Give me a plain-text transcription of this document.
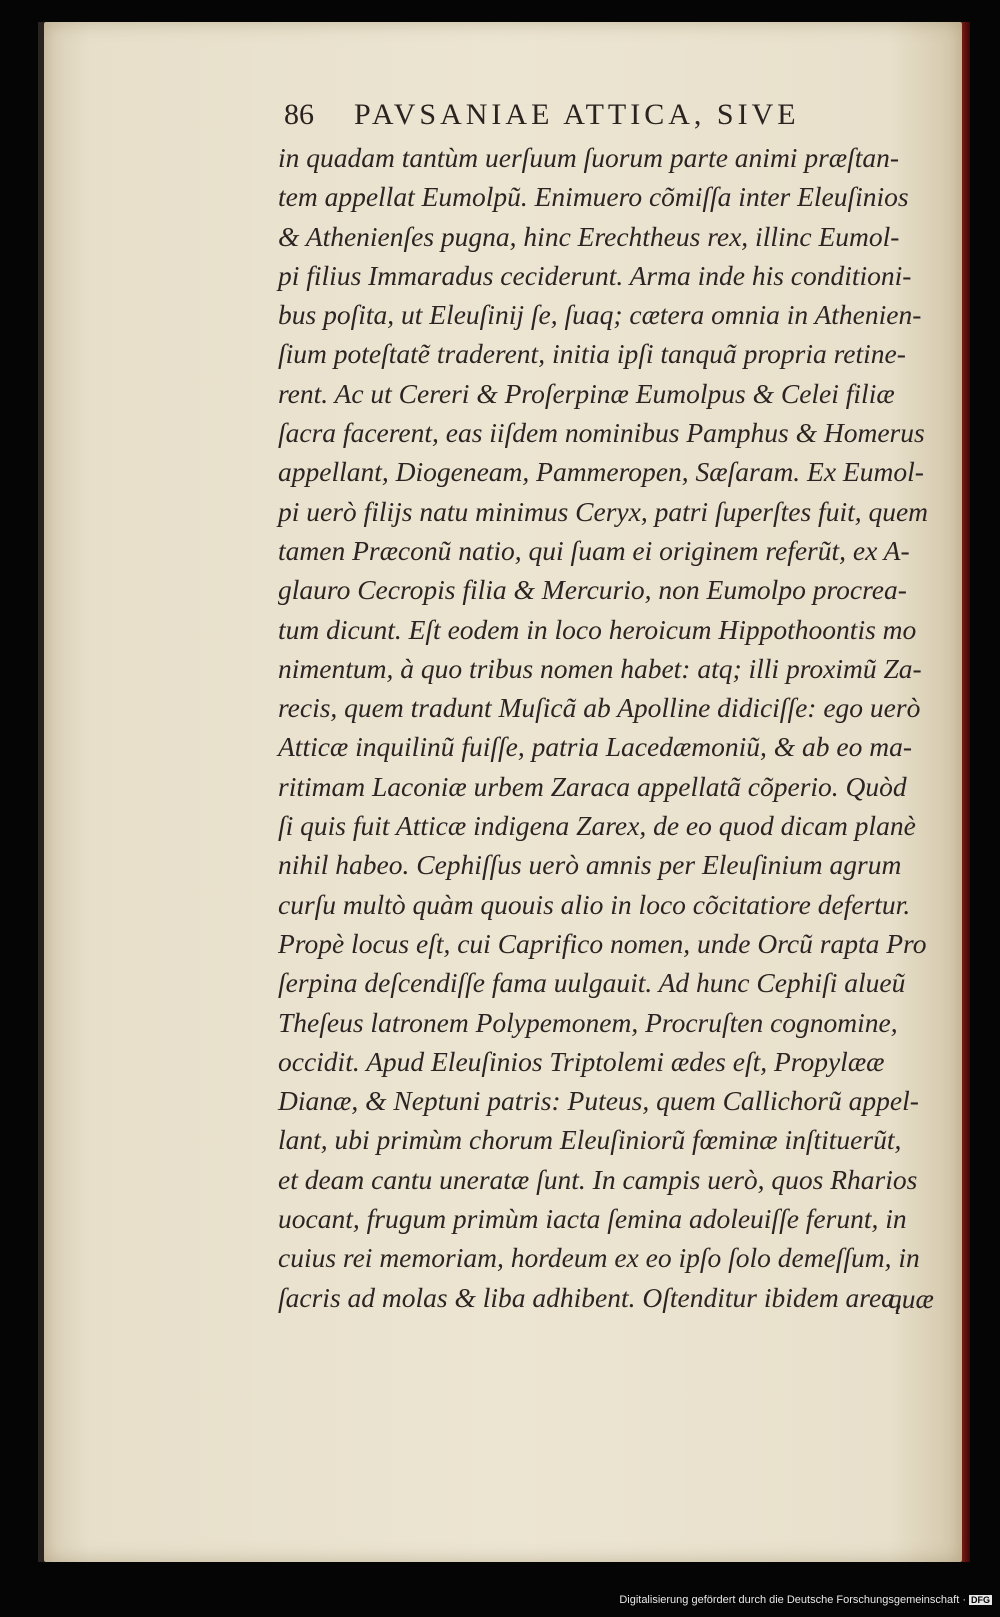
86 PAVSANIAE ATTICA, SIVE
in quadam tantùm uerſuum ſuorum parte animi præſtan-
tem appellat Eumolpũ. Enimuero cõmiſſa inter Eleuſinios
& Athenienſes pugna, hinc Erechtheus rex, illinc Eumol-
pi filius Immaradus ceciderunt. Arma inde his conditioni-
bus poſita, ut Eleuſinij ſe, ſuaq; cætera omnia in Athenien-
ſium poteſtatẽ traderent, initia ipſi tanquã propria retine-
rent. Ac ut Cereri & Proſerpinæ Eumolpus & Celei filiæ
ſacra facerent, eas iiſdem nominibus Pamphus & Homerus
appellant, Diogeneam, Pammeropen, Sæſaram. Ex Eumol-
pi uerò filijs natu minimus Ceryx, patri ſuperſtes fuit, quem
tamen Præconũ natio, qui ſuam ei originem referũt, ex A-
glauro Cecropis filia & Mercurio, non Eumolpo procrea-
tum dicunt. Eſt eodem in loco heroicum Hippothoontis mo
nimentum, à quo tribus nomen habet: atq; illi proximũ Za-
recis, quem tradunt Muſicã ab Apolline didiciſſe: ego uerò
Atticæ inquilinũ fuiſſe, patria Lacedæmoniũ, & ab eo ma-
ritimam Laconiæ urbem Zaraca appellatã cõperio. Quòd
ſi quis fuit Atticæ indigena Zarex, de eo quod dicam planè
nihil habeo. Cephiſſus uerò amnis per Eleuſinium agrum
curſu multò quàm quouis alio in loco cõcitatiore defertur.
Propè locus eſt, cui Caprifico nomen, unde Orcũ rapta Pro
ſerpina deſcendiſſe fama uulgauit. Ad hunc Cephiſi alueũ
Theſeus latronem Polypemonem, Procruſten cognomine,
occidit. Apud Eleuſinios Triptolemi ædes eſt, Propylææ
Dianæ, & Neptuni patris: Puteus, quem Callichorũ appel-
lant, ubi primùm chorum Eleuſiniorũ fœminæ inſtituerũt,
et deam cantu uneratæ ſunt. In campis uerò, quos Rharios
uocant, frugum primùm iacta ſemina adoleuiſſe ferunt, in
cuius rei memoriam, hordeum ex eo ipſo ſolo demeſſum, in
ſacris ad molas & liba adhibent. Oſtenditur ibidem area,
quæ
Digitalisierung gefördert durch die Deutsche Forschungsgemeinschaft · DFG
